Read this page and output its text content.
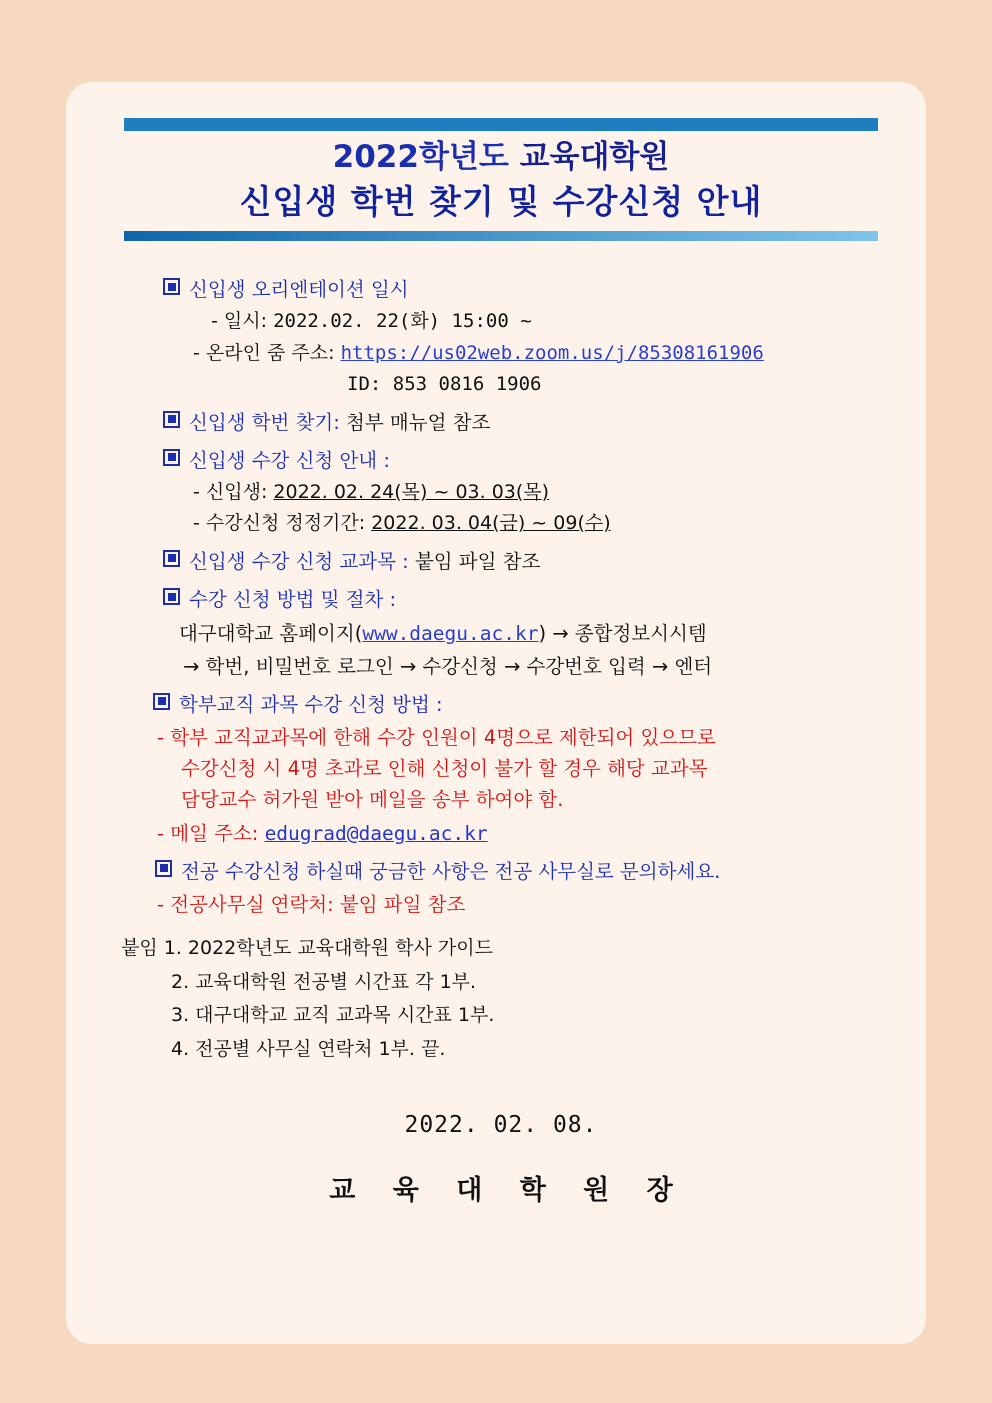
2022학년도 교육대학원
신입생 학번 찾기 및 수강신청 안내
신입생 오리엔테이션 일시
- 일시: 2022.02. 22(화) 15:00 ~
- 온라인 줌 주소: https://us02web.zoom.us/j/85308161906
ID: 853 0816 1906
신입생 학번 찾기: 첨부 매뉴얼 참조
신입생 수강 신청 안내 :
- 신입생: 2022. 02. 24(목) ~ 03. 03(목)
- 수강신청 정정기간: 2022. 03. 04(금) ~ 09(수)
신입생 수강 신청 교과목 : 붙임 파일 참조
수강 신청 방법 및 절차 :
대구대학교 홈페이지(www.daegu.ac.kr) → 종합정보시시템
→ 학번, 비밀번호 로그인 → 수강신청 → 수강번호 입력 → 엔터
학부교직 과목 수강 신청 방법 :
- 학부 교직교과목에 한해 수강 인원이 4명으로 제한되어 있으므로
수강신청 시 4명 초과로 인해 신청이 불가 할 경우 해당 교과목
담당교수 허가원 받아 메일을 송부 하여야 함.
- 메일 주소: edugrad@daegu.ac.kr
전공 수강신청 하실때 궁금한 사항은 전공 사무실로 문의하세요.
- 전공사무실 연락처: 붙임 파일 참조
붙임 1. 2022학년도 교육대학원 학사 가이드
2. 교육대학원 전공별 시간표 각 1부.
3. 대구대학교 교직 교과목 시간표 1부.
4. 전공별 사무실 연락처 1부. 끝.
2022. 02. 08.
교 육 대 학 원 장
